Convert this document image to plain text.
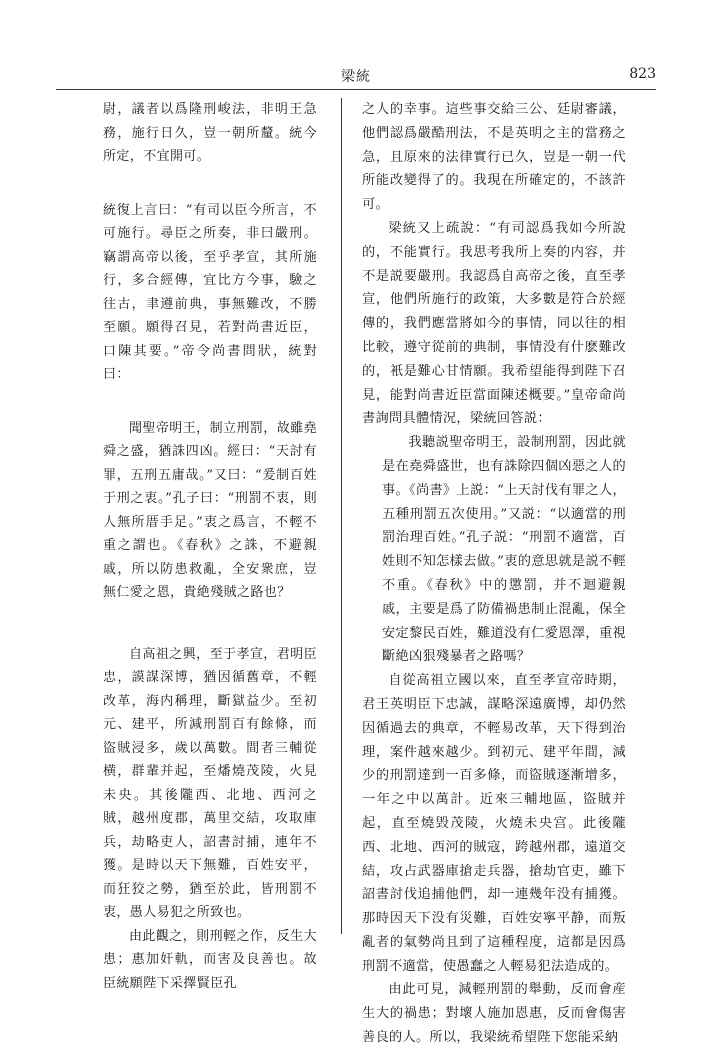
梁統	823

尉，議者以爲隆刑峻法，非明王急務，施行日久，豈一朝所釐。統今所定，不宜開可。

統復上言曰：“有司以臣今所言，不可施行。尋臣之所奏，非曰嚴刑。竊謂高帝以後，至乎孝宣，其所施行，多合經傳，宜比方今事，驗之往古，聿遵前典，事無難改，不勝至願。願得召見，若對尚書近臣，口陳其要。”帝令尚書問狀，統對曰：

聞聖帝明王，制立刑罰，故雖堯舜之盛，猶誅四凶。經曰：“天討有罪，五刑五庸哉。”又曰：“爰制百姓于刑之衷。”孔子曰：“刑罰不衷，則人無所厝手足。”衷之爲言，不輕不重之謂也。《春秋》之誅，不避親戚，所以防患救亂，全安衆庶，豈無仁愛之恩，貴絶殘賊之路也？

自高祖之興，至于孝宣，君明臣忠，謨謀深博，猶因循舊章，不輕改革，海内稱理，斷獄益少。至初元、建平，所減刑罰百有餘條，而盜賊浸多，歲以萬數。間者三輔從横，群輩并起，至燔燒茂陵，火見未央。其後隴西、北地、西河之賊，越州度郡，萬里交結，攻取庫兵，劫略吏人，詔書討捕，連年不獲。是時以天下無難，百姓安平，而狂狡之勢，猶至於此，皆刑罰不衷，愚人易犯之所致也。

由此觀之，則刑輕之作，反生大患；惠加奸軌，而害及良善也。故臣統願陛下采擇賢臣孔

之人的幸事。這些事交給三公、廷尉審議，他們認爲嚴酷刑法，不是英明之主的當務之急，且原來的法律實行已久，豈是一朝一代所能改變得了的。我現在所確定的，不該許可。

梁統又上疏說：“有司認爲我如今所說的，不能實行。我思考我所上奏的内容，并不是説要嚴刑。我認爲自高帝之後，直至孝宣，他們所施行的政策，大多數是符合於經傳的，我們應當將如今的事情，同以往的相比較，遵守從前的典制，事情没有什麽難改的，衹是難心甘情願。我希望能得到陛下召見，能對尚書近臣當面陳述概要。”皇帝命尚書詢問具體情況，梁統回答説：

我聽説聖帝明王，設制刑罰，因此就是在堯舜盛世，也有誅除四個凶惡之人的事。《尚書》上説：“上天討伐有罪之人，五種刑罰五次使用。”又説：“以適當的刑罰治理百姓。”孔子説：“刑罰不適當，百姓則不知怎樣去做。”衷的意思就是説不輕不重。《春秋》中的懲罰，并不迴避親戚，主要是爲了防備禍患制止混亂，保全安定黎民百姓，難道没有仁愛恩澤，重視斷絶凶狠殘暴者之路嗎？

自從高祖立國以來，直至孝宣帝時期，君王英明臣下忠誠，謀略深遠廣博，却仍然因循過去的典章，不輕易改革，天下得到治理，案件越來越少。到初元、建平年間，減少的刑罰達到一百多條，而盜賊逐漸增多，一年之中以萬計。近來三輔地區，盜賊并起，直至燒毁茂陵，火燒未央宫。此後隴西、北地、西河的賊寇，跨越州郡，遠道交結，攻占武器庫搶走兵器，搶劫官吏，雖下詔書討伐追捕他們，却一連幾年没有捕獲。那時因天下没有災難，百姓安寧平静，而叛亂者的氣勢尚且到了這種程度，這都是因爲刑罰不適當，使愚蠢之人輕易犯法造成的。

由此可見，減輕刑罰的舉動，反而會産生大的禍患；對壞人施加恩惠，反而會傷害善良的人。所以，我梁統希望陛下您能采納
